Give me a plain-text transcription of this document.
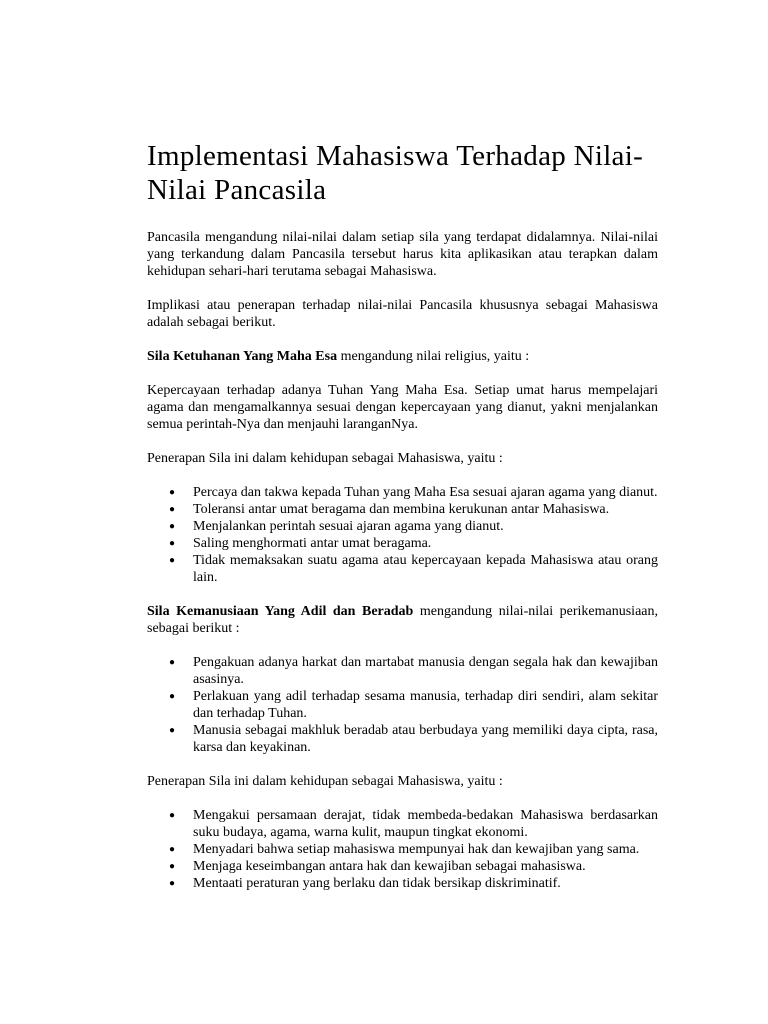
Implementasi Mahasiswa Terhadap Nilai-Nilai Pancasila

Pancasila mengandung nilai-nilai dalam setiap sila yang terdapat didalamnya. Nilai-nilai yang terkandung dalam Pancasila tersebut harus kita aplikasikan atau terapkan dalam kehidupan sehari-hari terutama sebagai Mahasiswa.

Implikasi atau penerapan terhadap nilai-nilai Pancasila khususnya sebagai Mahasiswa adalah sebagai berikut.

Sila Ketuhanan Yang Maha Esa mengandung nilai religius, yaitu :

Kepercayaan terhadap adanya Tuhan Yang Maha Esa. Setiap umat harus mempelajari agama dan mengamalkannya sesuai dengan kepercayaan yang dianut, yakni menjalankan semua perintah-Nya dan menjauhi laranganNya.

Penerapan Sila ini dalam kehidupan sebagai Mahasiswa, yaitu :

● Percaya dan takwa kepada Tuhan yang Maha Esa sesuai ajaran agama yang dianut.
● Toleransi antar umat beragama dan membina kerukunan antar Mahasiswa.
● Menjalankan perintah sesuai ajaran agama yang dianut.
● Saling menghormati antar umat beragama.
● Tidak memaksakan suatu agama atau kepercayaan kepada Mahasiswa atau orang lain.

Sila Kemanusiaan Yang Adil dan Beradab mengandung nilai-nilai perikemanusiaan, sebagai berikut :

● Pengakuan adanya harkat dan martabat manusia dengan segala hak dan kewajiban asasinya.
● Perlakuan yang adil terhadap sesama manusia, terhadap diri sendiri, alam sekitar dan terhadap Tuhan.
● Manusia sebagai makhluk beradab atau berbudaya yang memiliki daya cipta, rasa, karsa dan keyakinan.

Penerapan Sila ini dalam kehidupan sebagai Mahasiswa, yaitu :

● Mengakui persamaan derajat, tidak membeda-bedakan Mahasiswa berdasarkan suku budaya, agama, warna kulit, maupun tingkat ekonomi.
● Menyadari bahwa setiap mahasiswa mempunyai hak dan kewajiban yang sama.
● Menjaga keseimbangan antara hak dan kewajiban sebagai mahasiswa.
● Mentaati peraturan yang berlaku dan tidak bersikap diskriminatif.
